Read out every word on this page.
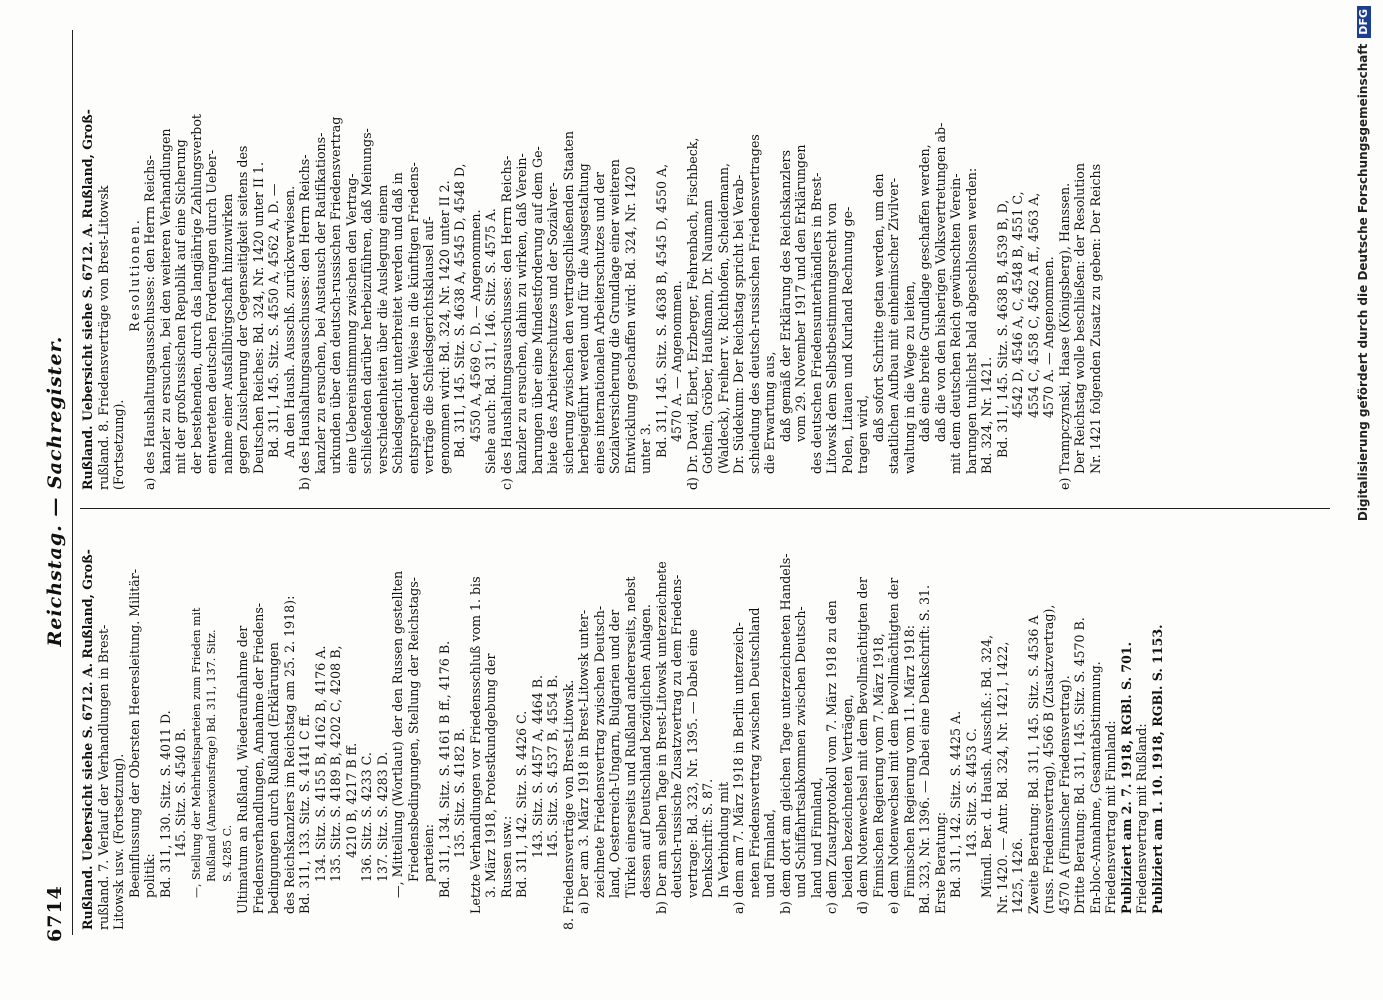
6714
Reichstag. — Sachregister.
Rußland. Uebersicht siehe S. 6712. A. Rußland, Groß- rußland. 7. Verlauf der Verhandlungen in Brest- Litowsk usw. (Fortsetzung). Beeinflussung der Obersten Heeresleitung. Militär- politik: Bd. 311, 130. Sitz. S. 4011 D. 145. Sitz. S. 4540 B. —, Stellung der Mehrheitsparteien zum Frieden mit Rußland (Annexionsfrage) Bd. 311, 137. Sitz. S. 4285 C. Ultimatum an Rußland, Wiederaufnahme der Friedensverhandlungen, Annahme der Friedens- bedingungen durch Rußland (Erklärungen des Reichskanzlers im Reichstag am 25. 2. 1918): Bd. 311, 133. Sitz. S. 4141 C ff. 134. Sitz. S. 4155 B, 4162 B, 4176 A. 135. Sitz. S. 4189 B, 4202 C, 4208 B, 4210 B, 4217 B ff. 136. Sitz. S. 4233 C. 137. Sitz. S. 4283 D. —, Mitteilung (Wortlaut) der den Russen gestellten Friedensbedingungen, Stellung der Reichstags- parteien: Bd. 311, 134. Sitz. S. 4161 B ff., 4176 B. 135. Sitz. S. 4182 B. Letzte Verhandlungen vor Friedensschluß vom 1. bis 3. März 1918, Protestkundgebung der Russen usw.: Bd. 311, 142. Sitz. S. 4426 C. 143. Sitz. S. 4457 A, 4464 B. 145. Sitz. S. 4537 B, 4554 B. 8. Friedensverträge von Brest-Litowsk. a) Der am 3. März 1918 in Brest-Litowsk unter- zeichnete Friedensvertrag zwischen Deutsch- land, Oesterreich-Ungarn, Bulgarien und der Türkei einerseits und Rußland andererseits, nebst dessen auf Deutschland bezüglichen Anlagen. b) Der am selben Tage in Brest-Litowsk unterzeichnete deutsch-russische Zusatzvertrag zu dem Friedens- vertrage: Bd. 323, Nr. 1395. — Dabei eine Denkschrift: S. 87. In Verbindung mit a) dem am 7. März 1918 in Berlin unterzeich- neten Friedensvertrag zwischen Deutschland und Finnland, b) dem dort am gleichen Tage unterzeichneten Handels- und Schiffahrtsabkommen zwischen Deutsch- land und Finnland, c) dem Zusatzprotokoll vom 7. März 1918 zu den beiden bezeichneten Verträgen, d) dem Notenwechsel mit dem Bevollmächtigten der Finnischen Regierung vom 7. März 1918, e) dem Notenwechsel mit dem Bevollmächtigten der Finnischen Regierung vom 11. März 1918: Bd. 323, Nr. 1396. — Dabei eine Denkschrift: S. 31. Erste Beratung: Bd. 311, 142. Sitz. S. 4425 A. 143. Sitz. S. 4453 C. Mündl. Ber. d. Haush. Ausschß.: Bd. 324, Nr. 1420. — Antr. Bd. 324, Nr. 1421, 1422, 1425, 1426. Zweite Beratung: Bd. 311, 145. Sitz. S. 4536 A (russ. Friedensvertrag), 4566 B (Zusatzvertrag), 4570 A (Finnischer Friedensvertrag). Dritte Beratung: Bd. 311, 145. Sitz. S. 4570 B. En-bloc-Annahme, Gesamtabstimmung. Friedensvertrag mit Finnland: Publiziert am 2. 7. 1918, RGBl. S. 701. Friedensvertrag mit Rußland: Publiziert am 1. 10. 1918, RGBl. S. 1153.
Rußland. Uebersicht siehe S. 6712. A. Rußland, Groß- rußland. 8. Friedensverträge von Brest-Litowsk (Fortsetzung).
Resolutionen. a) des Haushaltungsausschusses: den Herrn Reichs- kanzler zu ersuchen, bei den weiteren Verhandlungen mit der großrussischen Republik auf eine Sicherung der bestehenden, durch das langjährige Zahlungsverbot entwerteten deutschen Forderungen durch Ueber- nahme einer Ausfallbürgschaft hinzuwirken gegen Zusicherung der Gegenseitigkeit seitens des Deutschen Reiches: Bd. 324, Nr. 1420 unter II 1. Bd. 311, 145. Sitz. S. 4550 A, 4562 A, D. — An den Haush. Ausschß. zurückverwiesen. b) des Haushaltungsausschusses: den Herrn Reichs- kanzler zu ersuchen, bei Austausch der Ratifikations- urkunden über den deutsch-russischen Friedensvertrag eine Uebereinstimmung zwischen den Vertrag- schließenden darüber herbeizuführen, daß Meinungs- verschiedenheiten über die Auslegung einem Schiedsgericht unterbreitet werden und daß in entsprechender Weise in die künftigen Friedens- verträge die Schiedsgerichtsklausel auf- genommen wird: Bd. 324, Nr. 1420 unter II 2. Bd. 311, 145. Sitz. S. 4638 A, 4545 D, 4548 D, 4550 A, 4569 C, D. — Angenommen. Siehe auch: Bd. 311, 146. Sitz. S. 4575 A. c) des Haushaltungsausschusses: den Herrn Reichs- kanzler zu ersuchen, dahin zu wirken, daß Verein- barungen über eine Mindestforderung auf dem Ge- biete des Arbeiterschutzes und der Sozialver- sicherung zwischen den vertragschließenden Staaten herbeigeführt werden und für die Ausgestaltung eines internationalen Arbeiterschutzes und der Sozialversicherung die Grundlage einer weiteren Entwicklung geschaffen wird: Bd. 324, Nr. 1420 unter 3. Bd. 311, 145. Sitz. S. 4638 B, 4545 D, 4550 A, 4570 A. — Angenommen. d) Dr. David, Ebert, Erzberger, Fehrenbach, Fischbeck, Gothein, Gröber, Haußmann, Dr. Naumann (Waldeck), Freiherr v. Richthofen, Scheidemann, Dr. Südekum: Der Reichstag spricht bei Verab- schiedung des deutsch-russischen Friedensvertrages die Erwartung aus, daß gemäß der Erklärung des Reichskanzlers vom 29. November 1917 und den Erklärungen des deutschen Friedensunterhändlers in Brest- Litowsk dem Selbstbestimmungsrecht von Polen, Litauen und Kurland Rechnung ge- tragen wird, daß sofort Schritte getan werden, um den staatlichen Aufbau mit einheimischer Zivilver- waltung in die Wege zu leiten, daß eine breite Grundlage geschaffen werden, daß die von den bisherigen Volksvertretungen ab- mit dem deutschen Reich gewünschten Verein- barungen tunlichst bald abgeschlossen werden: Bd. 324, Nr. 1421. Bd. 311, 145. Sitz. S. 4638 B, 4539 B, D, 4542 D, 4546 A, C, 4548 B, 4551 C, 4554 C, 4558 C, 4562 A ff., 4563 A, 4570 A. — Angenommen. e) Trampczynski, Haase (Königsberg), Hanssen. Der Reichstag wolle beschließen: der Resolution Nr. 1421 folgenden Zusatz zu geben: Der Reichs	Digitalisierung gefördert durch die Deutsche ForschungsgemeinschaftDFG
